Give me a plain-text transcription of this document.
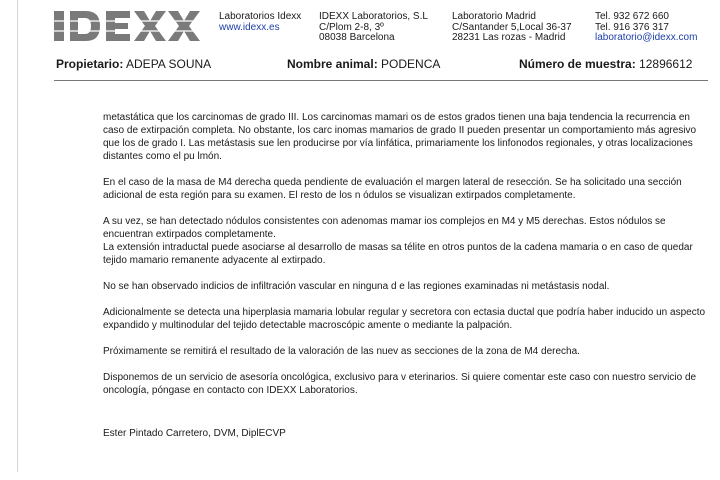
Laboratorios Idexx
www.idexx.es
IDEXX Laboratorios, S.L
C/Plom 2-8, 3º
08038 Barcelona
Laboratorio Madrid
C/Santander 5,Local 36-37
28231 Las rozas - Madrid
Tel. 932 672 660
Tel. 916 376 317
laboratorio@idexx.com
Propietario: ADEPA SOUNA	Nombre animal: PODENCA	Número de muestra: 12896612

metastática que los carcinomas de grado III. Los carcinomas mamari os de estos grados tienen una baja tendencia la recurrencia en caso de extirpación completa. No obstante, los carc inomas mamarios de grado II pueden presentar un comportamiento más agresivo que los de grado I. Las metástasis sue len producirse por vía linfática, primariamente los linfonodos regionales, y otras localizaciones distantes como el pu lmón.

En el caso de la masa de M4 derecha queda pendiente de evaluación el margen lateral de resección. Se ha solicitado una sección adicional de esta región para su examen. El resto de los n ódulos se visualizan extirpados completamente.

A su vez, se han detectado nódulos consistentes con adenomas mamar ios complejos en M4 y M5 derechas. Estos nódulos se encuentran extirpados completamente.
La extensión intraductal puede asociarse al desarrollo de masas sa télite en otros puntos de la cadena mamaria o en caso de quedar tejido mamario remanente adyacente al extirpado.

No se han observado indicios de infiltración vascular en ninguna d e las regiones examinadas ni metástasis nodal.

Adicionalmente se detecta una hiperplasia mamaria lobular regular y secretora con ectasia ductal que podría haber inducido un aspecto expandido y multinodular del tejido detectable macroscópic amente o mediante la palpación.

Próximamente se remitirá el resultado de la valoración de las nuev as secciones de la zona de M4 derecha.

Disponemos de un servicio de asesoría oncológica, exclusivo para v eterinarios. Si quiere comentar este caso con nuestro servicio de oncología, póngase en contacto con IDEXX Laboratorios.

Ester Pintado Carretero, DVM, DiplECVP
